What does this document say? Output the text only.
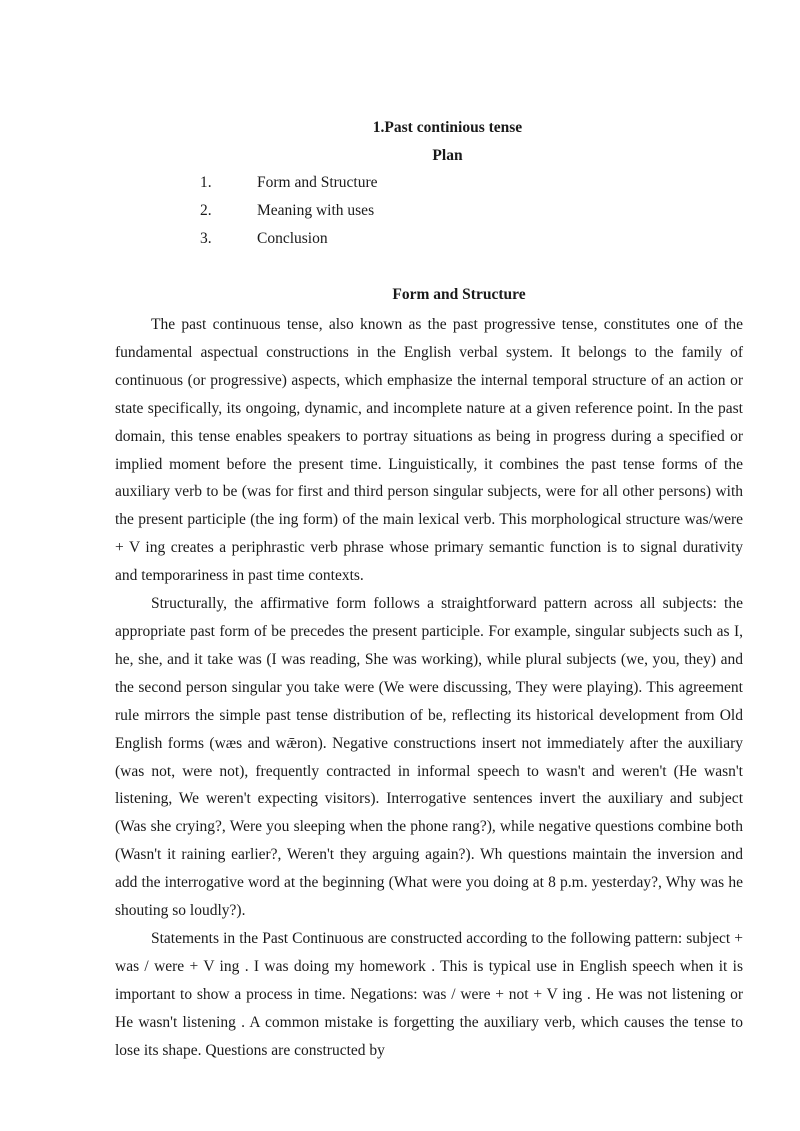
1.Past continious tense
Plan
1.	Form and Structure
2.	Meaning with uses
3.	Conclusion
Form and Structure

The past continuous tense, also known as the past progressive tense, constitutes one of the fundamental aspectual constructions in the English verbal system. It belongs to the family of continuous (or progressive) aspects, which emphasize the internal temporal structure of an action or state specifically, its ongoing, dynamic, and incomplete nature at a given reference point. In the past domain, this tense enables speakers to portray situations as being in progress during a specified or implied moment before the present time. Linguistically, it combines the past tense forms of the auxiliary verb to be (was for first and third person singular subjects, were for all other persons) with the present participle (the ing form) of the main lexical verb. This morphological structure was/were + V ing creates a periphrastic verb phrase whose primary semantic function is to signal durativity and temporariness in past time contexts.

Structurally, the affirmative form follows a straightforward pattern across all subjects: the appropriate past form of be precedes the present participle. For example, singular subjects such as I, he, she, and it take was (I was reading, She was working), while plural subjects (we, you, they) and the second person singular you take were (We were discussing, They were playing). This agreement rule mirrors the simple past tense distribution of be, reflecting its historical development from Old English forms (wæs and wǣron). Negative constructions insert not immediately after the auxiliary (was not, were not), frequently contracted in informal speech to wasn't and weren't (He wasn't listening, We weren't expecting visitors). Interrogative sentences invert the auxiliary and subject (Was she crying?, Were you sleeping when the phone rang?), while negative questions combine both (Wasn't it raining earlier?, Weren't they arguing again?). Wh questions maintain the inversion and add the interrogative word at the beginning (What were you doing at 8 p.m. yesterday?, Why was he shouting so loudly?).

Statements in the Past Continuous are constructed according to the following pattern: subject + was / were + V ing . I was doing my homework . This is typical use in English speech when it is important to show a process in time. Negations: was / were + not + V ing . He was not listening or He wasn't listening . A common mistake is forgetting the auxiliary verb, which causes the tense to lose its shape. Questions are constructed by
